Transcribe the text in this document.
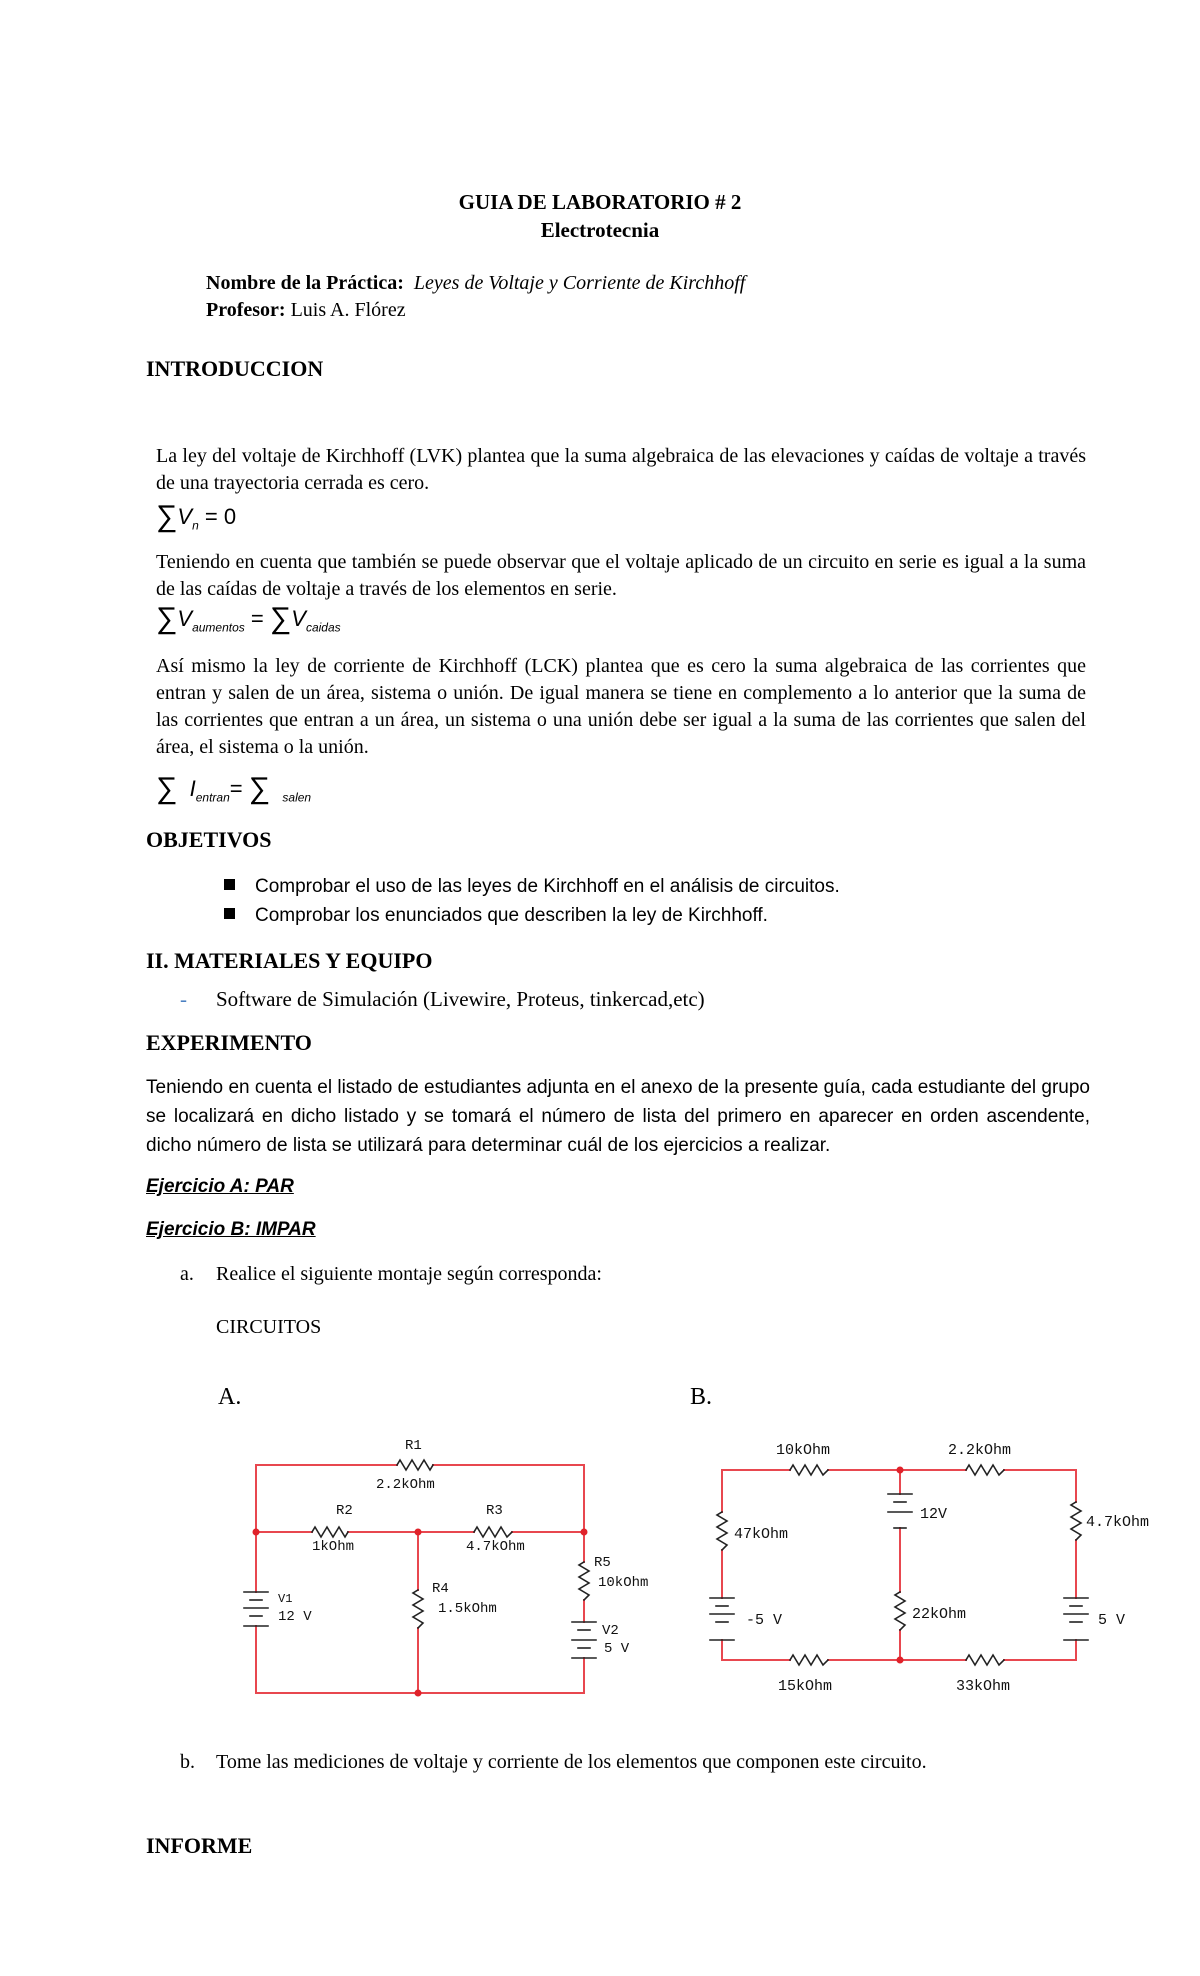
GUIA DE LABORATORIO # 2
Electrotecnia
Nombre de la Práctica: Leyes de Voltaje y Corriente de Kirchhoff
Profesor: Luis A. Flórez
INTRODUCCION
La ley del voltaje de Kirchhoff (LVK) plantea que la suma algebraica de las elevaciones y caídas de voltaje a través de una trayectoria cerrada es cero.
$\sum V_n = 0$
Teniendo en cuenta que también se puede observar que el voltaje aplicado de un circuito en serie es igual a la suma de las caídas de voltaje a través de los elementos en serie.
$\sum V_{aumentos} = \sum V_{caidas}$
Así mismo la ley de corriente de Kirchhoff (LCK) plantea que es cero la suma algebraica de las corrientes que entran y salen de un área, sistema o unión. De igual manera se tiene en complemento a lo anterior que la suma de las corrientes que entran a un área, un sistema o una unión debe ser igual a la suma de las corrientes que salen del área, el sistema o la unión.
∑ $I_{entran}=$ ∑ $_{salen}$
OBJETIVOS
Comprobar el uso de las leyes de Kirchhoff en el análisis de circuitos.
Comprobar los enunciados que describen la ley de Kirchhoff.
II. MATERIALES Y EQUIPO
- Software de Simulación (Livewire, Proteus, tinkercad,etc)
EXPERIMENTO
Teniendo en cuenta el listado de estudiantes adjunta en el anexo de la presente guía, cada estudiante del grupo se localizará en dicho listado y se tomará el número de lista del primero en aparecer en orden ascendente, dicho número de lista se utilizará para determinar cuál de los ejercicios a realizar.
Ejercicio A: PAR
Ejercicio B: IMPAR
a. Realice el siguiente montaje según corresponda:
CIRCUITOS
A.	B.
R1
2.2kOhm
R2
1kOhm
R3
4.7kOhm
R4
1.5kOhm
R5
10kOhm
V1
12 V
V2
5 V
10kOhm	2.2kOhm
47kOhm
4.7kOhm
22kOhm
15kOhm	33kOhm
12V
-5 V	5 V
b. Tome las mediciones de voltaje y corriente de los elementos que componen este circuito.
INFORME
